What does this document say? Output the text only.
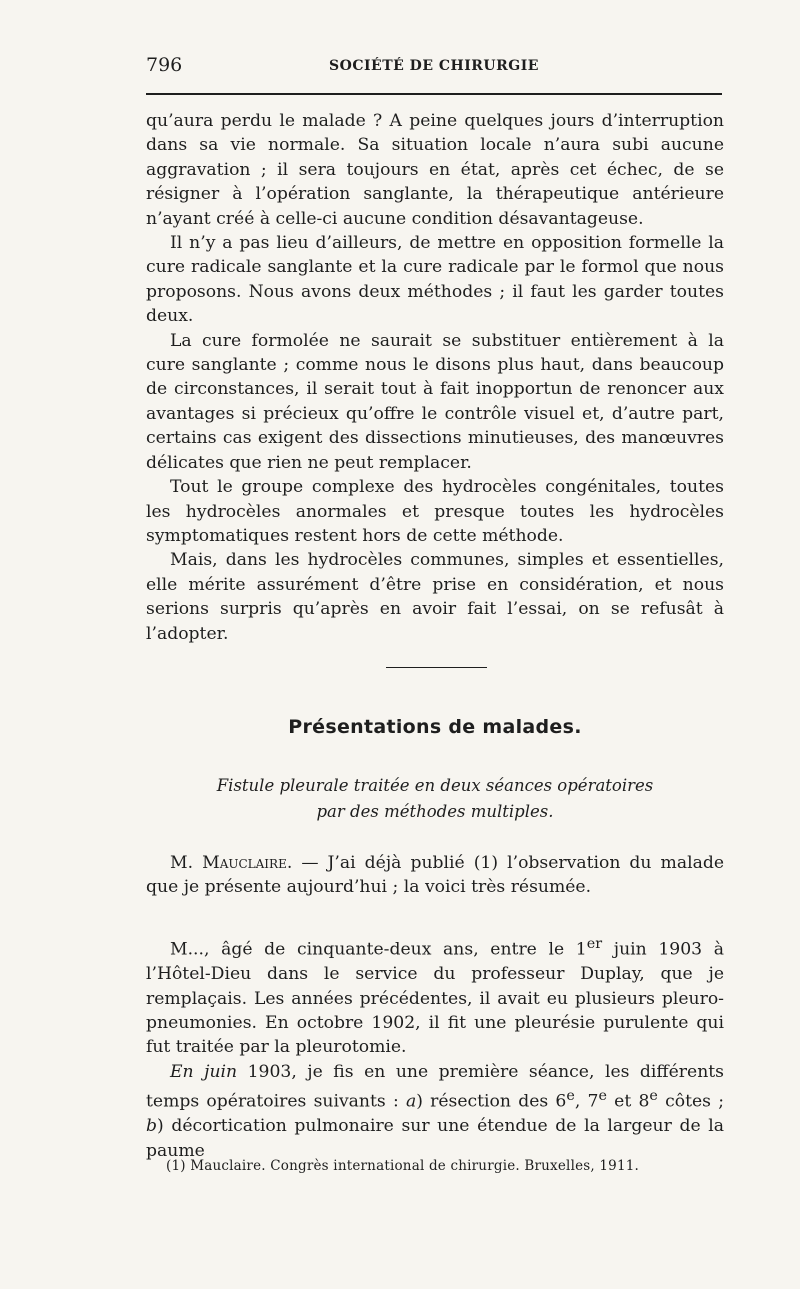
796	SOCIÉTÉ DE CHIRURGIE

qu’aura perdu le malade ? A peine quelques jours d’interruption dans sa vie normale. Sa situation locale n’aura subi aucune aggravation ; il sera toujours en état, après cet échec, de se résigner à l’opération sanglante, la thérapeutique antérieure n’ayant créé à celle-ci aucune condition désavantageuse.

Il n’y a pas lieu d’ailleurs, de mettre en opposition formelle la cure radicale sanglante et la cure radicale par le formol que nous proposons. Nous avons deux méthodes ; il faut les garder toutes deux.

La cure formolée ne saurait se substituer entièrement à la cure sanglante ; comme nous le disons plus haut, dans beaucoup de circonstances, il serait tout à fait inopportun de renoncer aux avantages si précieux qu’offre le contrôle visuel et, d’autre part, certains cas exigent des dissections minutieuses, des manœuvres délicates que rien ne peut remplacer.

Tout le groupe complexe des hydrocèles congénitales, toutes les hydrocèles anormales et presque toutes les hydrocèles symptomatiques restent hors de cette méthode.

Mais, dans les hydrocèles communes, simples et essentielles, elle mérite assurément d’être prise en considération, et nous serions surpris qu’après en avoir fait l’essai, on se refusât à l’adopter.

Présentations de malades.
Fistule pleurale traitée en deux séances opératoires
par des méthodes multiples.

M. Mauclaire. — J’ai déjà publié (1) l’observation du malade que je présente aujourd’hui ; la voici très résumée.

M..., âgé de cinquante-deux ans, entre le 1er juin 1903 à l’Hôtel-Dieu dans le service du professeur Duplay, que je remplaçais. Les années précédentes, il avait eu plusieurs pleuro-pneumonies. En octobre 1902, il fit une pleurésie purulente qui fut traitée par la pleurotomie.

En juin 1903, je fis en une première séance, les différents temps opératoires suivants : a) résection des 6e, 7e et 8e côtes ; b) décortication pulmonaire sur une étendue de la largeur de la paume

(1) Mauclaire. Congrès international de chirurgie. Bruxelles, 1911.
